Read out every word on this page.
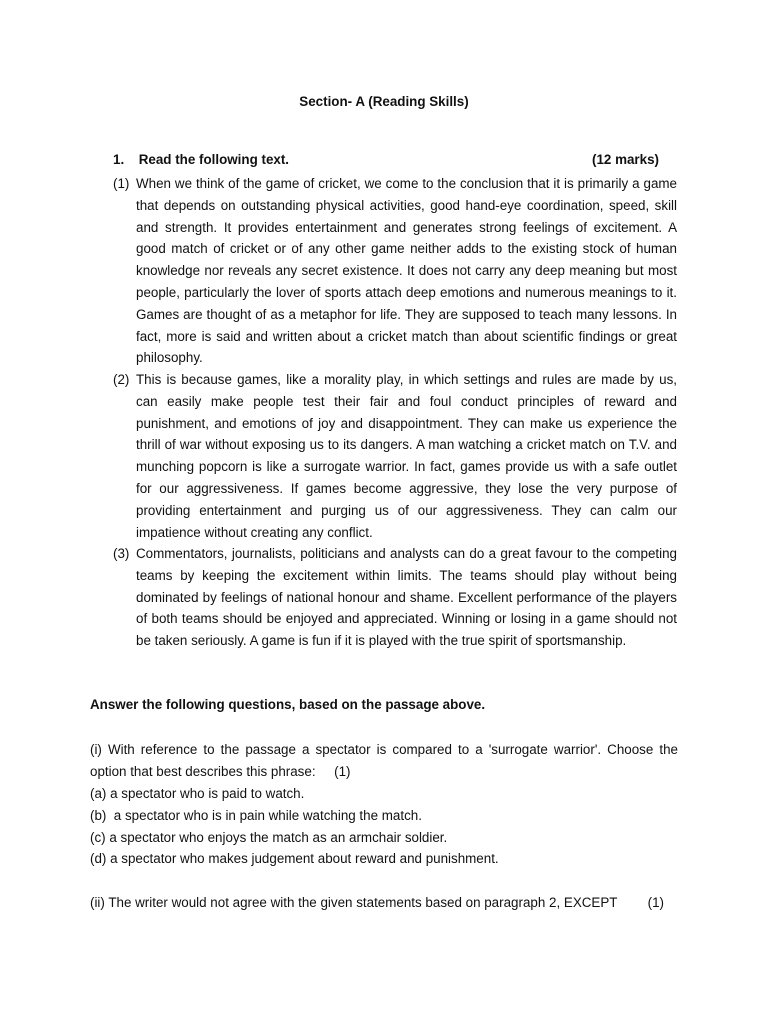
Section- A (Reading Skills)
1. Read the following text.	(12 marks)
(1) When we think of the game of cricket, we come to the conclusion that it is primarily a game that depends on outstanding physical activities, good hand-eye coordination, speed, skill and strength. It provides entertainment and generates strong feelings of excitement. A good match of cricket or of any other game neither adds to the existing stock of human knowledge nor reveals any secret existence. It does not carry any deep meaning but most people, particularly the lover of sports attach deep emotions and numerous meanings to it. Games are thought of as a metaphor for life. They are supposed to teach many lessons. In fact, more is said and written about a cricket match than about scientific findings or great philosophy.
(2) This is because games, like a morality play, in which settings and rules are made by us, can easily make people test their fair and foul conduct principles of reward and punishment, and emotions of joy and disappointment. They can make us experience the thrill of war without exposing us to its dangers. A man watching a cricket match on T.V. and munching popcorn is like a surrogate warrior. In fact, games provide us with a safe outlet for our aggressiveness. If games become aggressive, they lose the very purpose of providing entertainment and purging us of our aggressiveness. They can calm our impatience without creating any conflict.
(3) Commentators, journalists, politicians and analysts can do a great favour to the competing teams by keeping the excitement within limits. The teams should play without being dominated by feelings of national honour and shame. Excellent performance of the players of both teams should be enjoyed and appreciated. Winning or losing in a game should not be taken seriously. A game is fun if it is played with the true spirit of sportsmanship.
Answer the following questions, based on the passage above.
(i) With reference to the passage a spectator is compared to a 'surrogate warrior'. Choose the option that best describes this phrase:     (1)
(a) a spectator who is paid to watch.
(b)  a spectator who is in pain while watching the match.
(c) a spectator who enjoys the match as an armchair soldier.
(d) a spectator who makes judgement about reward and punishment.
(ii) The writer would not agree with the given statements based on paragraph 2, EXCEPT (1)
